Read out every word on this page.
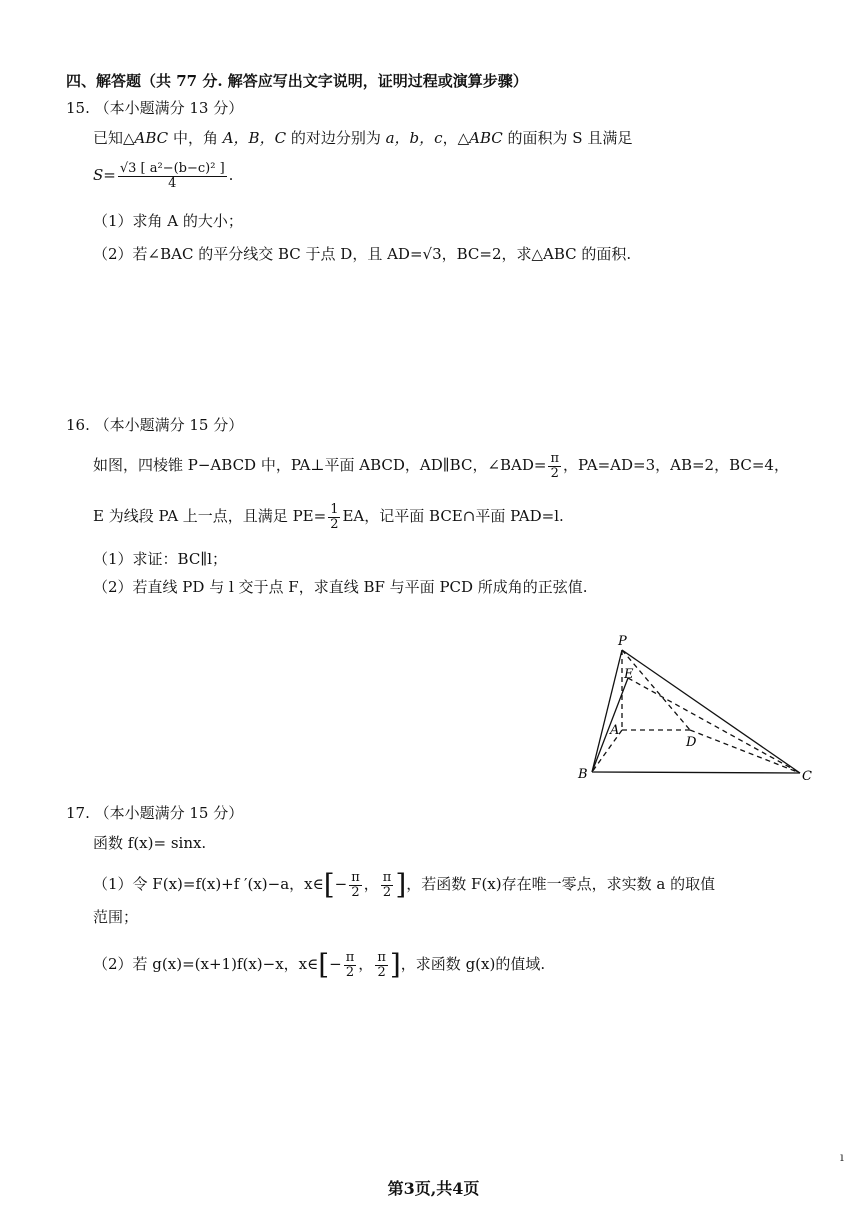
四、解答题（共 77 分. 解答应写出文字说明，证明过程或演算步骤）
15. （本小题满分 13 分）
已知△ABC 中，角 A，B，C 的对边分别为 a，b，c，△ABC 的面积为 S 且满足
$S= \frac{\text{√3 [ a²−(b−c)² ]}}{4}$ .
（1）求角 A 的大小；
（2）若∠BAC 的平分线交 BC 于点 D，且 AD=√3，BC=2，求△ABC 的面积.
16. （本小题满分 15 分）
如图，四棱锥 P−ABCD 中，PA⊥平面 ABCD，AD∥BC，∠BAD= $\frac{\pi}{2}$ ，PA=AD=3，AB=2，BC=4，
E 为线段 PA 上一点，且满足 $PE= \frac{1}{2}$ EA，记平面 BCE∩平面 PAD=l.
（1）求证：BC∥l；
（2）若直线 PD 与 l 交于点 F，求直线 BF 与平面 PCD 所成角的正弦值.
P
E
A
D
B	C
17. （本小题满分 15 分）
函数 f(x)= sinx.
（1）令 F(x)=f(x)+f ′(x)−a，x∈[− $\frac{\pi}{2}$ ， $\frac{\pi}{2}$ ]，若函数 F(x)存在唯一零点，求实数 a 的取值
范围；
（2）若 g(x)=(x+1)f(x)−x，x∈[− $\frac{\pi}{2}$ ， $\frac{\pi}{2}$ ]，求函数 g(x)的值域.
ı
第3页,共4页
